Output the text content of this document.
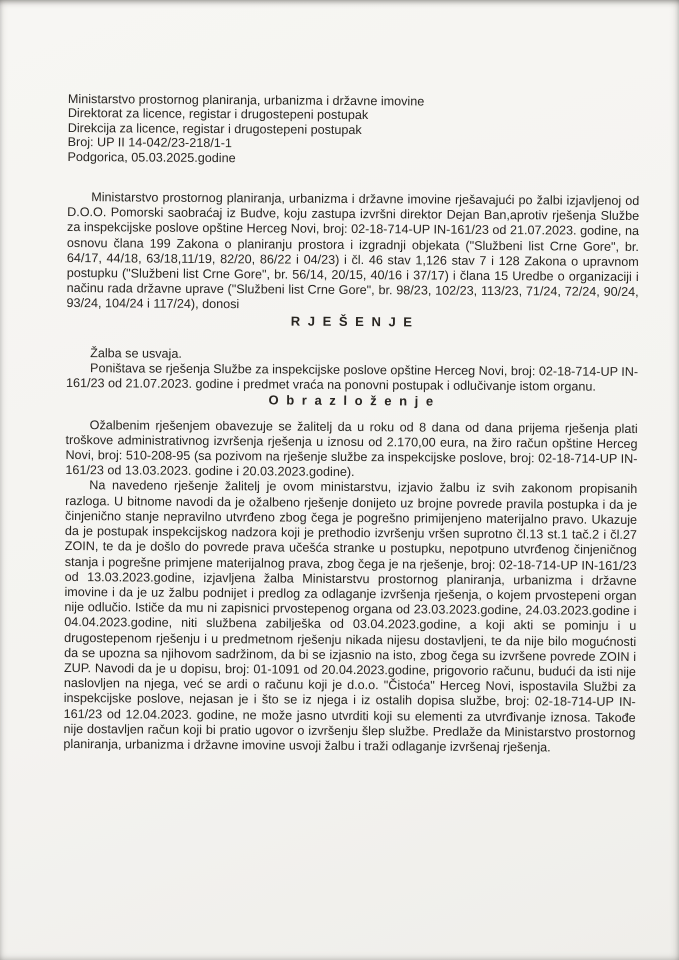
Ministarstvo prostornog planiranja, urbanizma i državne imovine
Direktorat za licence, registar i drugostepeni postupak
Direkcija za licence, registar i drugostepeni postupak
Broj: UP II 14-042/23-218/1-1
Podgorica, 05.03.2025.godine

Ministarstvo prostornog planiranja, urbanizma i državne imovine rješavajući po žalbi izjavljenoj od D.O.O. Pomorski saobraćaj iz Budve, koju zastupa izvršni direktor Dejan Ban,aprotiv rješenja Službe za inspekcijske poslove opštine Herceg Novi, broj: 02-18-714-UP IN-161/23 od 21.07.2023. godine, na osnovu člana 199 Zakona o planiranju prostora i izgradnji objekata ("Službeni list Crne Gore", br. 64/17, 44/18, 63/18,11/19, 82/20, 86/22 i 04/23) i čl. 46 stav 1,126 stav 7 i 128 Zakona o upravnom postupku ("Službeni list Crne Gore", br. 56/14, 20/15, 40/16 i 37/17) i člana 15 Uredbe o organizaciji i načinu rada državne uprave ("Službeni list Crne Gore", br. 98/23, 102/23, 113/23, 71/24, 72/24, 90/24, 93/24, 104/24 i 117/24), donosi

R J E Š E N J E

Žalba se usvaja.

Poništava se rješenja Službe za inspekcijske poslove opštine Herceg Novi, broj: 02-18-714-UP IN-161/23 od 21.07.2023. godine i predmet vraća na ponovni postupak i odlučivanje istom organu.

O b r a z l o ž e n j e

Ožalbenim rješenjem obavezuje se žalitelj da u roku od 8 dana od dana prijema rješenja plati troškove administrativnog izvršenja rješenja u iznosu od 2.170,00 eura, na žiro račun opštine Herceg Novi, broj: 510-208-95 (sa pozivom na rješenje službe za inspekcijske poslove, broj: 02-18-714-UP IN-161/23 od 13.03.2023. godine i 20.03.2023.godine).

Na navedeno rješenje žalitelj je ovom ministarstvu, izjavio žalbu iz svih zakonom propisanih razloga. U bitnome navodi da je ožalbeno rješenje donijeto uz brojne povrede pravila postupka i da je činjenično stanje nepravilno utvrđeno zbog čega je pogrešno primijenjeno materijalno pravo. Ukazuje da je postupak inspekcijskog nadzora koji je prethodio izvršenju vršen suprotno čl.13 st.1 tač.2 i čl.27 ZOIN, te da je došlo do povrede prava učešća stranke u postupku, nepotpuno utvrđenog činjeničnog stanja i pogrešne primjene materijalnog prava, zbog čega je na rješenje, broj: 02-18-714-UP IN-161/23 od 13.03.2023.godine, izjavljena žalba Ministarstvu prostornog planiranja, urbanizma i državne imovine i da je uz žalbu podnijet i predlog za odlaganje izvršenja rješenja, o kojem prvostepeni organ nije odlučio. Ističe da mu ni zapisnici prvostepenog organa od 23.03.2023.godine, 24.03.2023.godine i 04.04.2023.godine, niti službena zabilješka od 03.04.2023.godine, a koji akti se pominju i u drugostepenom rješenju i u predmetnom rješenju nikada nijesu dostavljeni, te da nije bilo mogućnosti da se upozna sa njihovom sadržinom, da bi se izjasnio na isto, zbog čega su izvršene povrede ZOIN i ZUP. Navodi da je u dopisu, broj: 01-1091 od 20.04.2023.godine, prigovorio računu, budući da isti nije naslovljen na njega, već se ardi o računu koji je d.o.o. "Čistoća" Herceg Novi, ispostavila Službi za inspekcijske poslove, nejasan je i što se iz njega i iz ostalih dopisa službe, broj: 02-18-714-UP IN-161/23 od 12.04.2023. godine, ne može jasno utvrditi koji su elementi za utvrđivanje iznosa. Takođe nije dostavljen račun koji bi pratio ugovor o izvršenju šlep službe. Predlaže da Ministarstvo prostornog planiranja, urbanizma i državne imovine usvoji žalbu i traži odlaganje izvršenaj rješenja.
